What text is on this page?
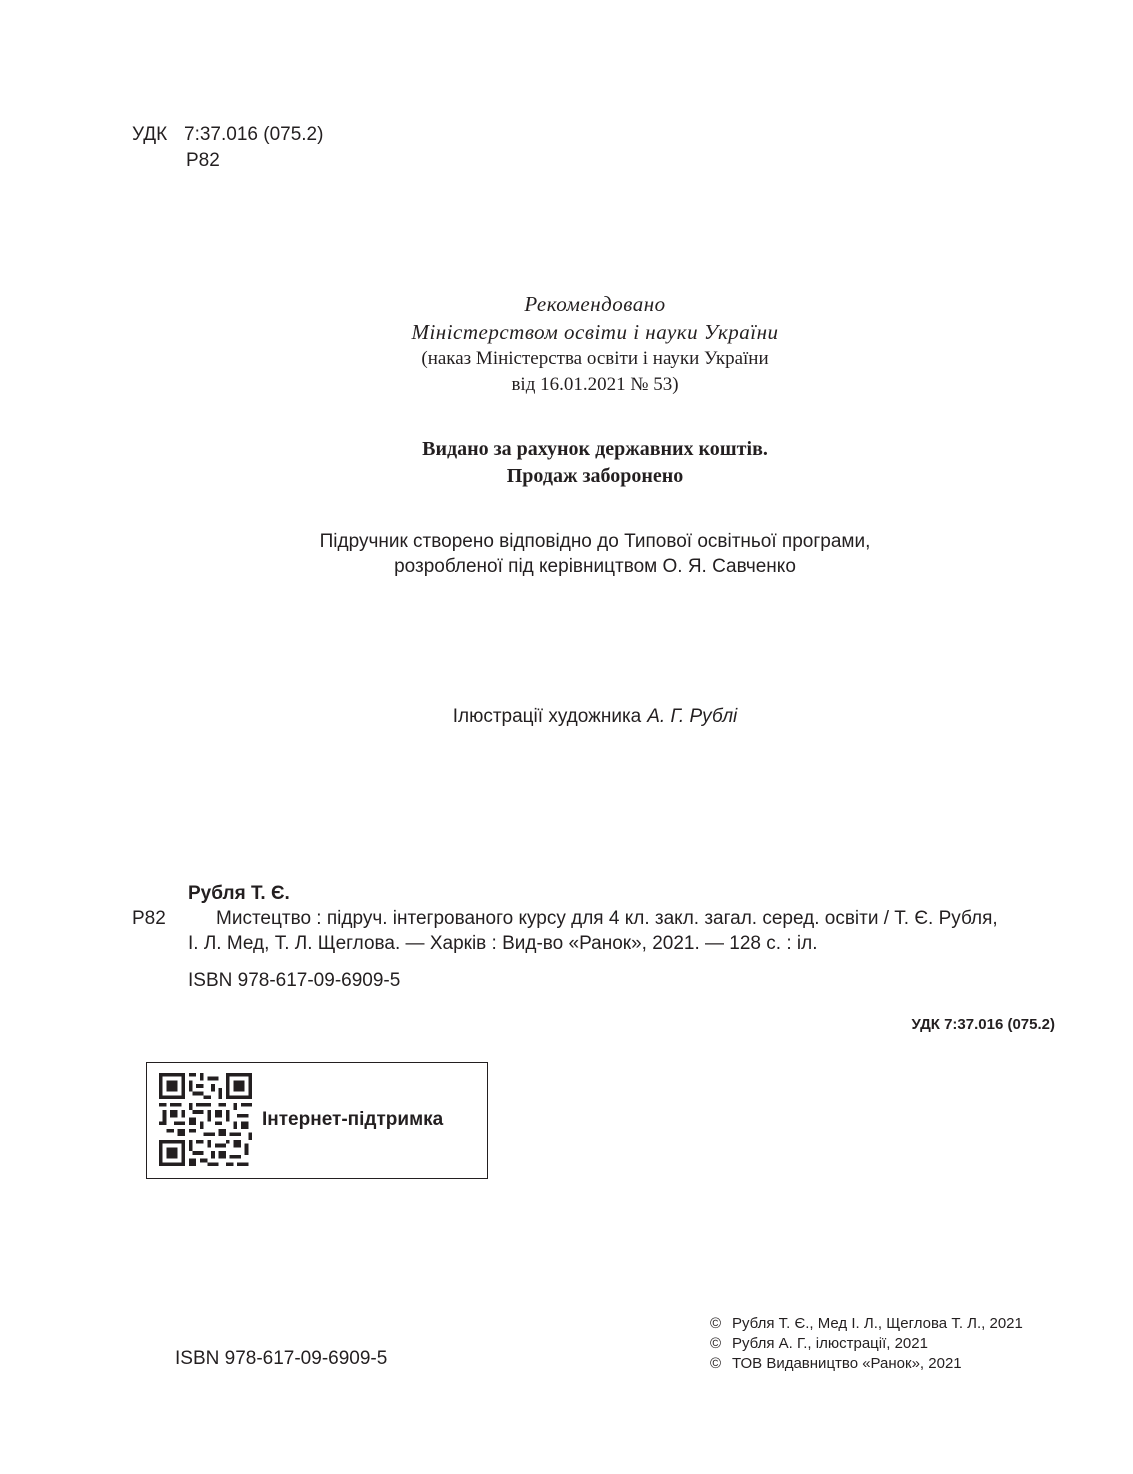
УДК 7:37.016 (075.2)
Р82
Рекомендовано
Міністерством освіти і науки України
(наказ Міністерства освіти і науки України
від 16.01.2021 № 53)
Видано за рахунок державних коштів.
Продаж заборонено
Підручник створено відповідно до Типової освітньої програми,
розробленої під керівництвом О. Я. Савченко
Ілюстрації художника А. Г. Рублі
Рубля Т. Є.
Р82	Мистецтво : підруч. інтегрованого курсу для 4 кл. закл. загал. серед. освіти / Т. Є. Рубля,
І. Л. Мед, Т. Л. Щеглова. — Харків : Вид-во «Ранок», 2021. — 128 с. : іл.
ISBN 978-617-09-6909-5
УДК 7:37.016 (075.2)
Інтернет-підтримка
ISBN 978-617-09-6909-5
© Рубля Т. Є., Мед І. Л., Щеглова Т. Л., 2021
© Рубля А. Г., ілюстрації, 2021
© ТОВ Видавництво «Ранок», 2021
